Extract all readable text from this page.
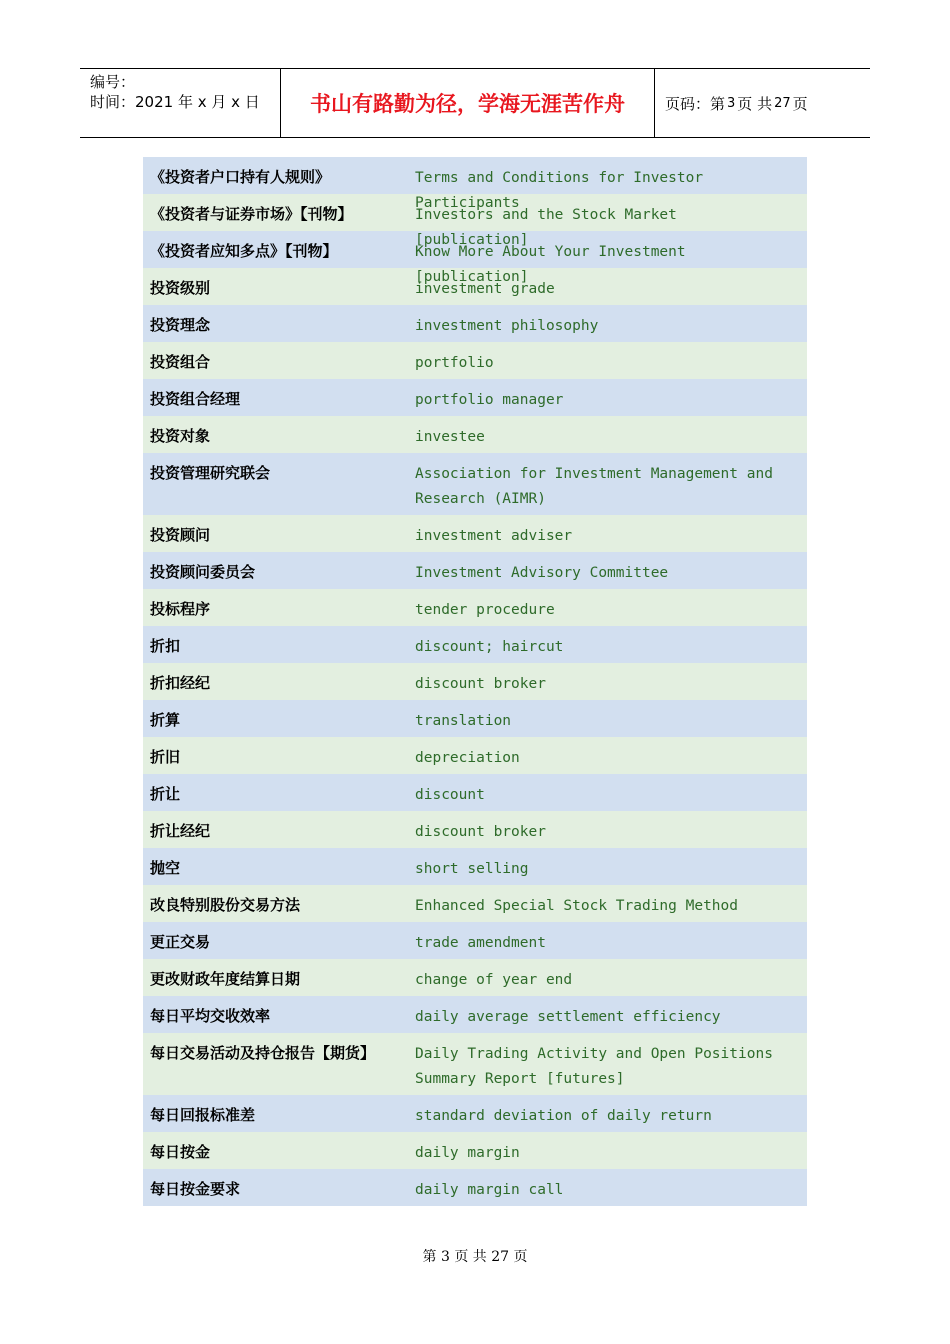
编号：
时间：2021 年 x 月 x 日	书山有路勤为径，学海无涯苦作舟	页码：第 3 页 共 27 页
《投资者户口持有人规则》	Terms and Conditions for Investor Participants
《投资者与证券市场》【刊物】	Investors and the Stock Market [publication]
《投资者应知多点》【刊物】	Know More About Your Investment [publication]
投资级别	investment grade
投资理念	investment philosophy
投资组合	portfolio
投资组合经理	portfolio manager
投资对象	investee
投资管理研究联会	Association for Investment Management and Research (AIMR)
投资顾问	investment adviser
投资顾问委员会	Investment Advisory Committee
投标程序	tender procedure
折扣	discount; haircut
折扣经纪	discount broker
折算	translation
折旧	depreciation
折让	discount
折让经纪	discount broker
抛空	short selling
改良特别股份交易方法	Enhanced Special Stock Trading Method
更正交易	trade amendment
更改财政年度结算日期	change of year end
每日平均交收效率	daily average settlement efficiency
每日交易活动及持仓报告【期货】	Daily Trading Activity and Open Positions Summary Report [futures]
每日回报标准差	standard deviation of daily return
每日按金	daily margin
每日按金要求	daily margin call
第 3 页 共 27 页
